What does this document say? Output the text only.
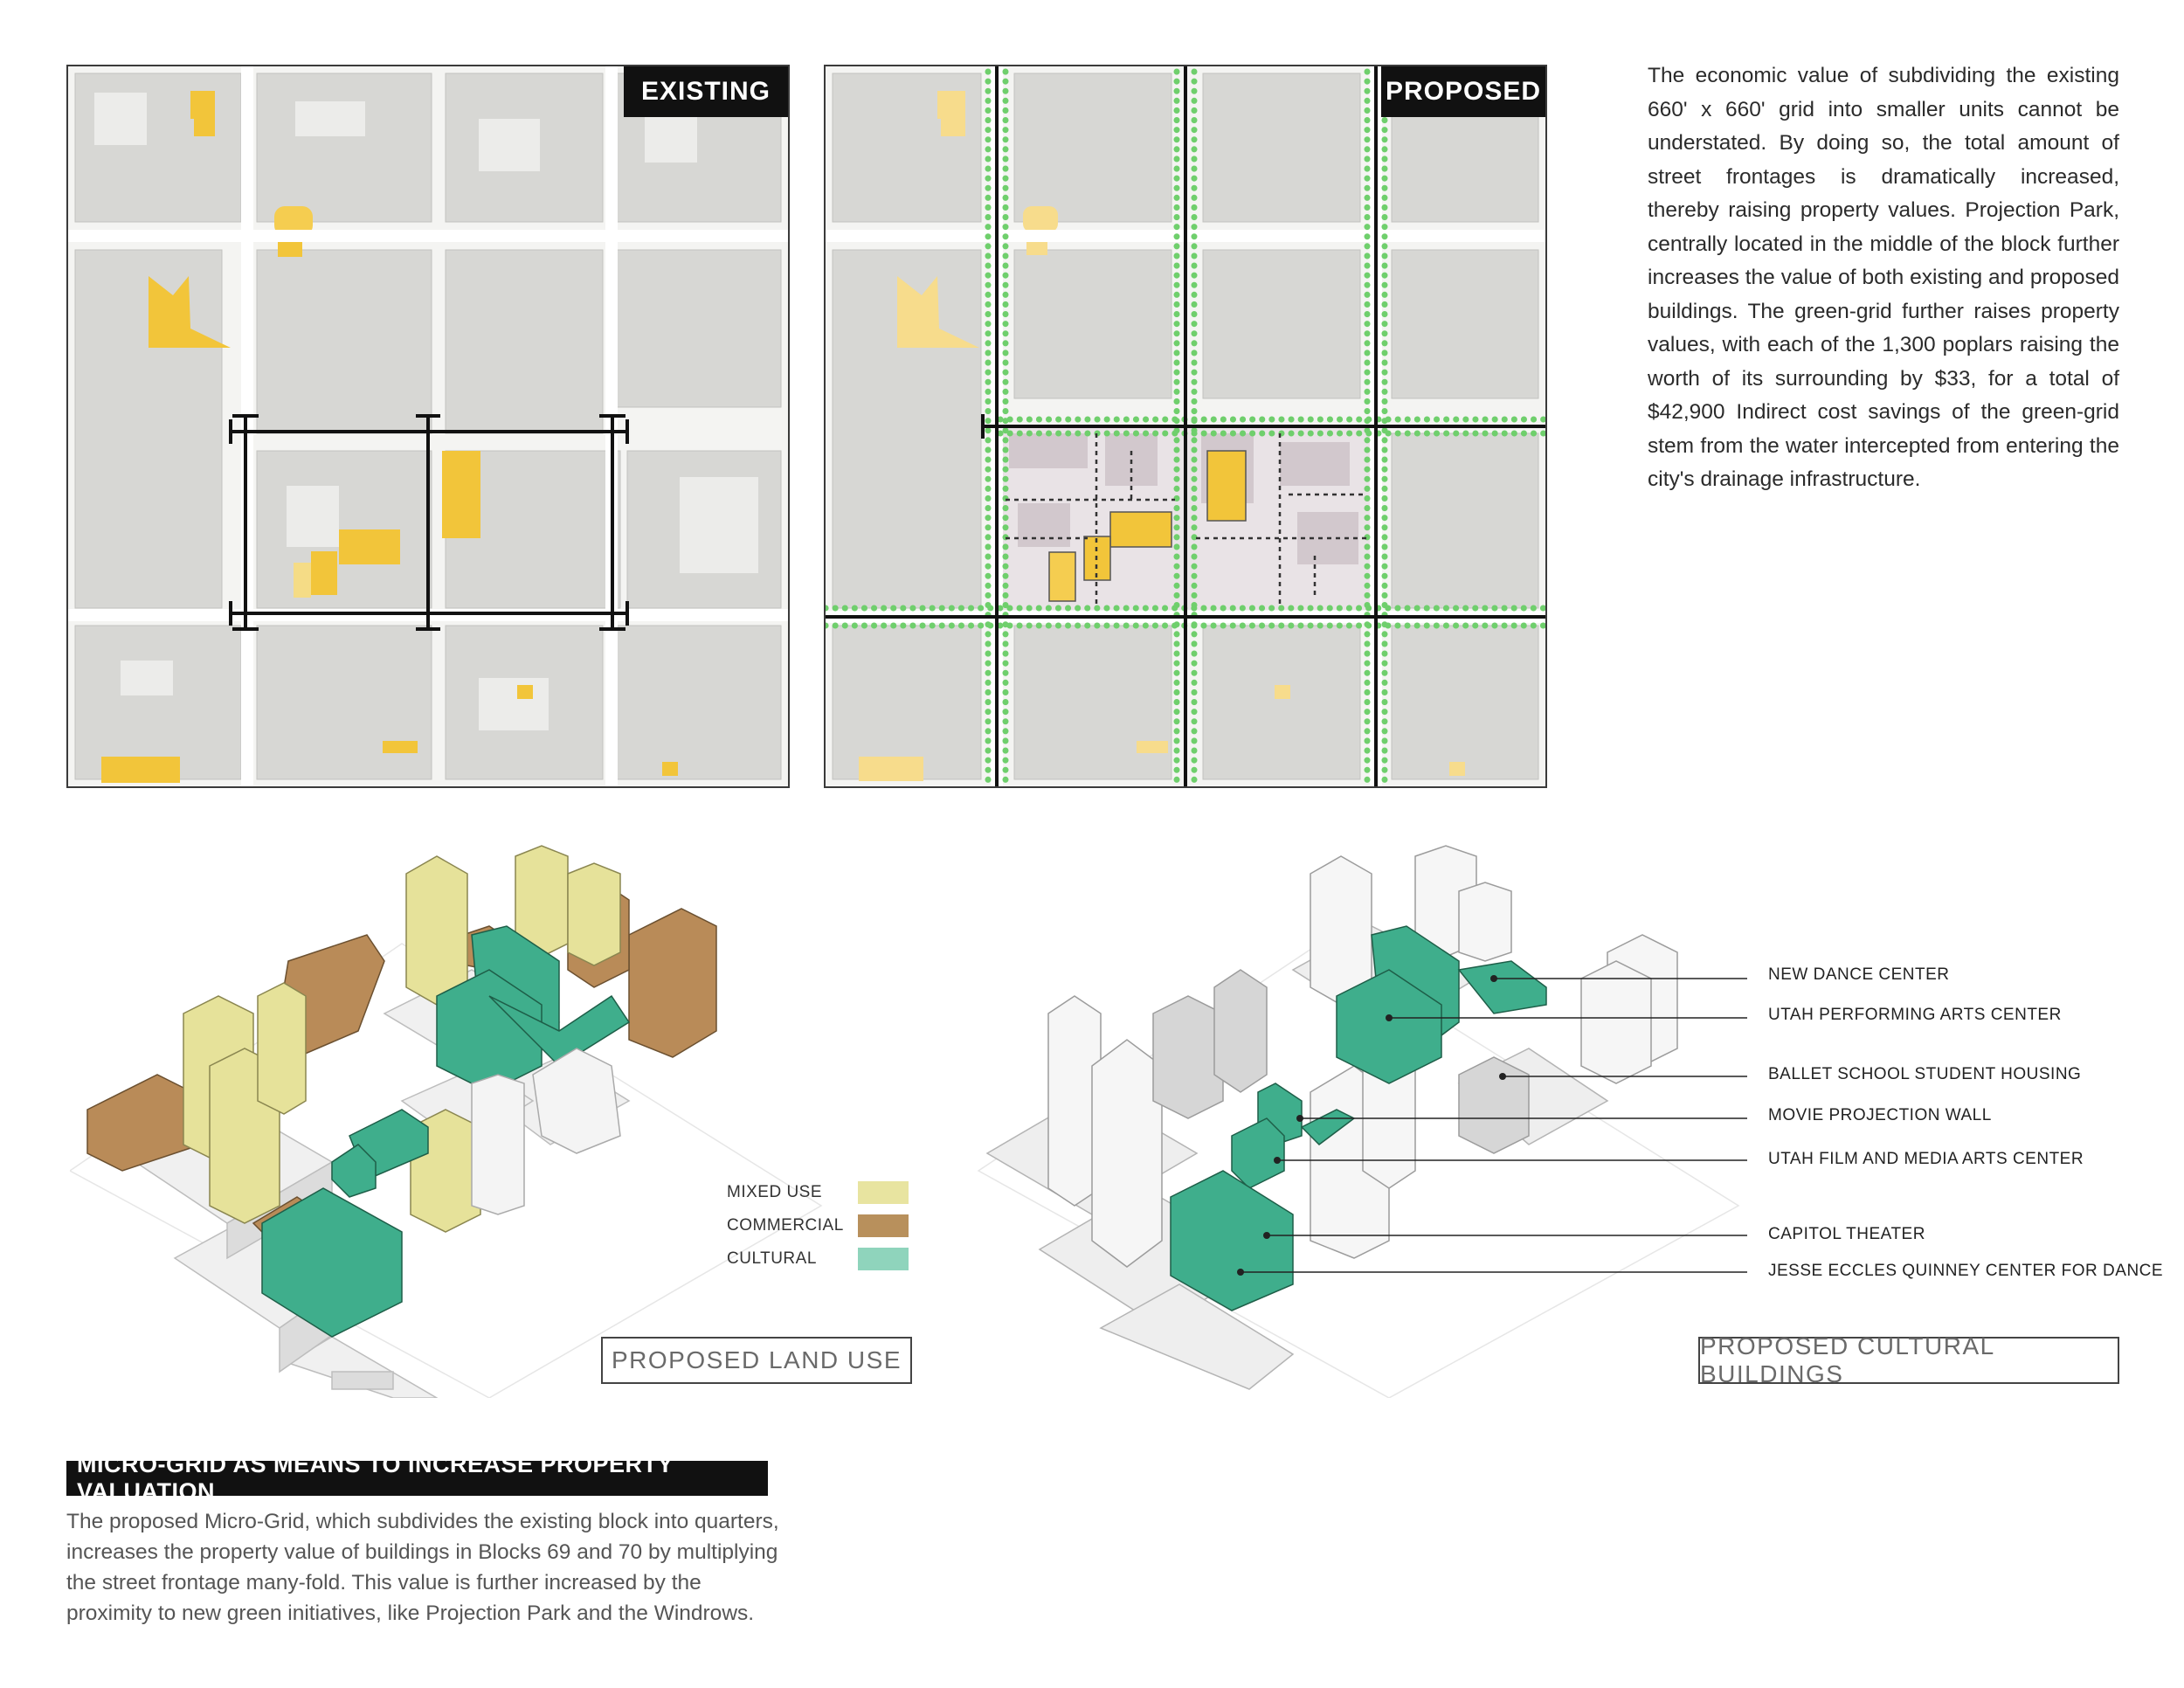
EXISTING	PROPOSED
The economic value of subdividing the existing 660' x 660' grid into smaller units cannot be understated. By doing so, the total amount of street frontages is dramatically increased, thereby raising property values. Projection Park, centrally located in the middle of the block further increases the value of both existing and proposed buildings. The green-grid further raises property values, with each of the 1,300 poplars raising the worth of its surrounding by $33, for a total of $42,900 Indirect cost savings of the green-grid stem from the water intercepted from entering the city's drainage infrastructure.
MIXED USE
COMMERCIAL
CULTURAL
PROPOSED LAND USE
NEW DANCE CENTER
UTAH PERFORMING ARTS CENTER
BALLET SCHOOL STUDENT HOUSING
MOVIE PROJECTION WALL
UTAH FILM AND MEDIA ARTS CENTER
CAPITOL THEATER
JESSE ECCLES QUINNEY CENTER FOR DANCE
PROPOSED CULTURAL BUILDINGS
MICRO-GRID AS MEANS TO INCREASE PROPERTY VALUATION
The proposed Micro-Grid, which subdivides the existing block into quarters, increases the property value of buildings in Blocks 69 and 70 by multiplying the street frontage many-fold. This value is further increased by the proximity to new green initiatives, like Projection Park and the Windrows.
